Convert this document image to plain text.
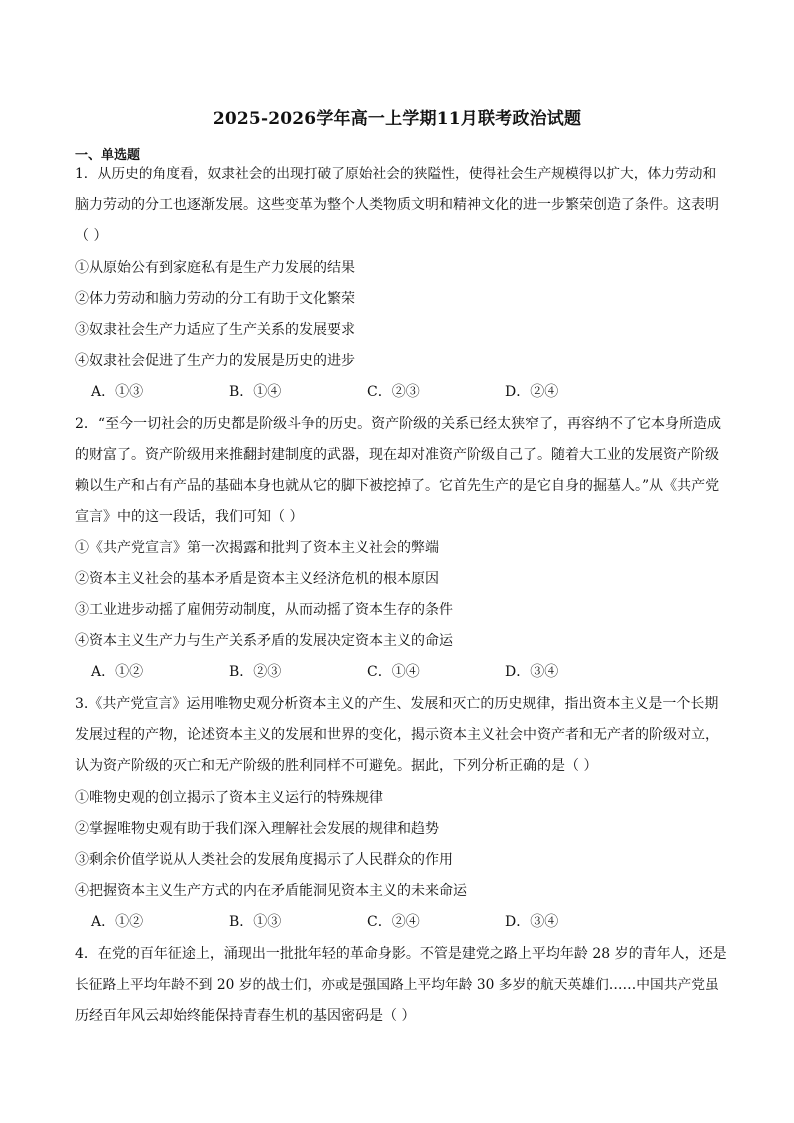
2025-2026学年高一上学期11月联考政治试题
一、单选题
1．从历史的角度看，奴隶社会的出现打破了原始社会的狭隘性，使得社会生产规模得以扩大，体力劳动和
脑力劳动的分工也逐渐发展。这些变革为整个人类物质文明和精神文化的进一步繁荣创造了条件。这表明
（ ）
①从原始公有到家庭私有是生产力发展的结果
②体力劳动和脑力劳动的分工有助于文化繁荣
③奴隶社会生产力适应了生产关系的发展要求
④奴隶社会促进了生产力的发展是历史的进步
A．①③	B．①④	C．②③	D．②④
2．“至今一切社会的历史都是阶级斗争的历史。资产阶级的关系已经太狭窄了，再容纳不了它本身所造成
的财富了。资产阶级用来推翻封建制度的武器，现在却对准资产阶级自己了。随着大工业的发展资产阶级
赖以生产和占有产品的基础本身也就从它的脚下被挖掉了。它首先生产的是它自身的掘墓人。”从《共产党
宣言》中的这一段话，我们可知（ ）
①《共产党宣言》第一次揭露和批判了资本主义社会的弊端
②资本主义社会的基本矛盾是资本主义经济危机的根本原因
③工业进步动摇了雇佣劳动制度，从而动摇了资本生存的条件
④资本主义生产力与生产关系矛盾的发展决定资本主义的命运
A．①②	B．②③	C．①④	D．③④
3.《共产党宣言》运用唯物史观分析资本主义的产生、发展和灭亡的历史规律，指出资本主义是一个长期
发展过程的产物，论述资本主义的发展和世界的变化，揭示资本主义社会中资产者和无产者的阶级对立，
认为资产阶级的灭亡和无产阶级的胜利同样不可避免。据此，下列分析正确的是（ ）
①唯物史观的创立揭示了资本主义运行的特殊规律
②掌握唯物史观有助于我们深入理解社会发展的规律和趋势
③剩余价值学说从人类社会的发展角度揭示了人民群众的作用
④把握资本主义生产方式的内在矛盾能洞见资本主义的未来命运
A．①②	B．①③	C．②④	D．③④
4．在党的百年征途上，涌现出一批批年轻的革命身影。不管是建党之路上平均年龄 28 岁的青年人，还是
长征路上平均年龄不到 20 岁的战士们，亦或是强国路上平均年龄 30 多岁的航天英雄们……中国共产党虽
历经百年风云却始终能保持青春生机的基因密码是（ ）
